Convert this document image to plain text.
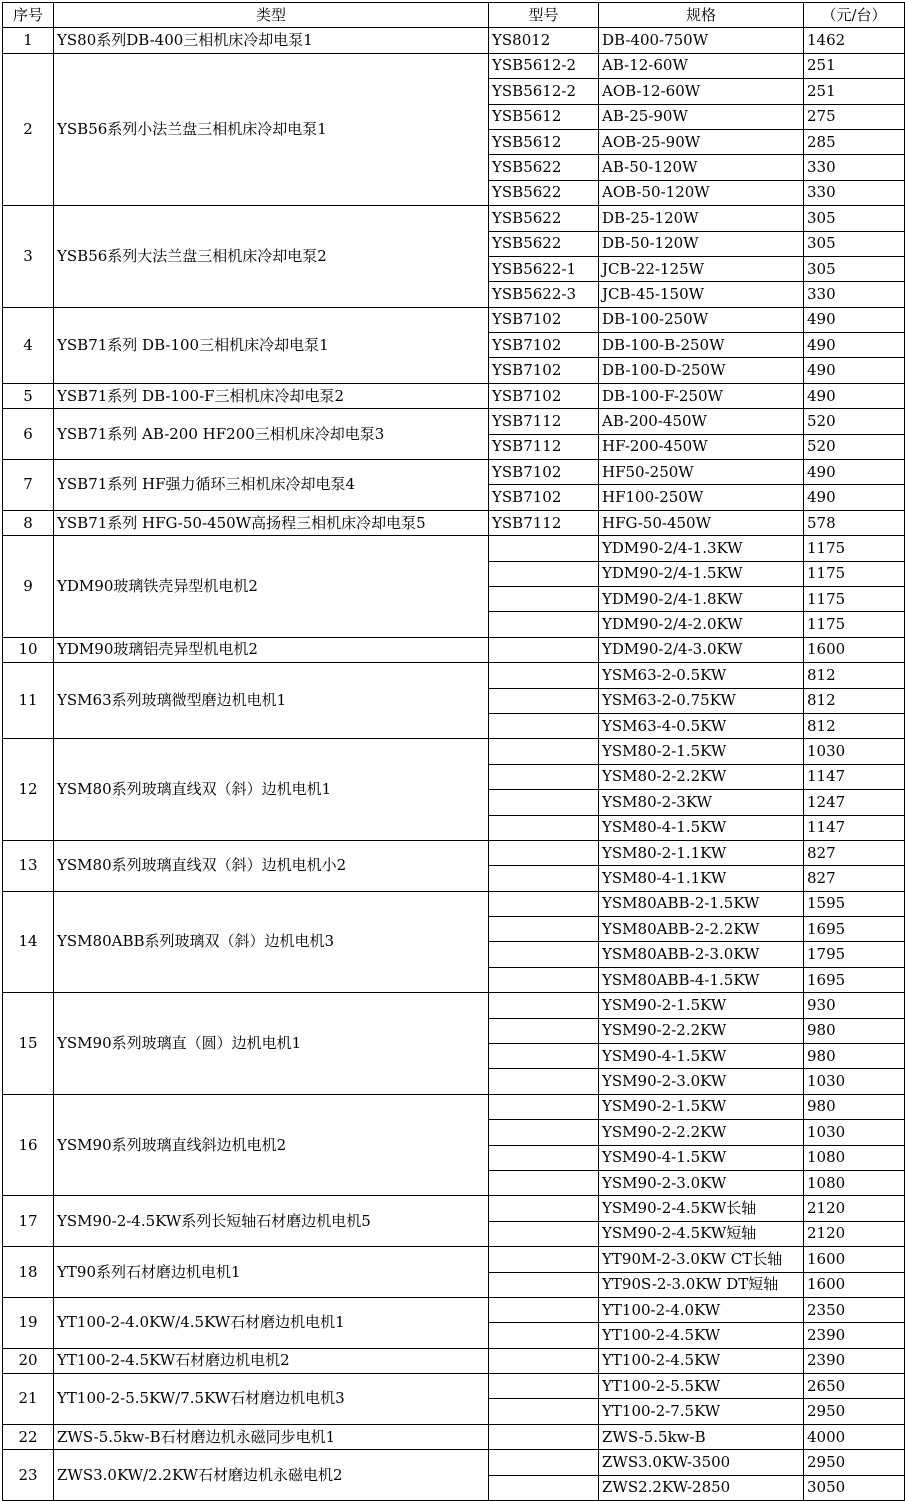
序号	类型	型号	规格	（元/台）
1	YS80系列DB-400三相机床冷却电泵1	YS8012	DB-400-750W	1462
2	YSB56系列小法兰盘三相机床冷却电泵1	YSB5612-2	AB-12-60W	251
		YSB5612-2	AOB-12-60W	251
		YSB5612	AB-25-90W	275
		YSB5612	AOB-25-90W	285
		YSB5622	AB-50-120W	330
		YSB5622	AOB-50-120W	330
3	YSB56系列大法兰盘三相机床冷却电泵2	YSB5622	DB-25-120W	305
		YSB5622	DB-50-120W	305
		YSB5622-1	JCB-22-125W	305
		YSB5622-3	JCB-45-150W	330
4	YSB71系列 DB-100三相机床冷却电泵1	YSB7102	DB-100-250W	490
		YSB7102	DB-100-B-250W	490
		YSB7102	DB-100-D-250W	490
5	YSB71系列 DB-100-F三相机床冷却电泵2	YSB7102	DB-100-F-250W	490
6	YSB71系列 AB-200 HF200三相机床冷却电泵3	YSB7112	AB-200-450W	520
		YSB7112	HF-200-450W	520
7	YSB71系列 HF强力循环三相机床冷却电泵4	YSB7102	HF50-250W	490
		YSB7102	HF100-250W	490
8	YSB71系列 HFG-50-450W高扬程三相机床冷却电泵5	YSB7112	HFG-50-450W	578
9	YDM90玻璃铁壳异型机电机2		YDM90-2/4-1.3KW	1175
			YDM90-2/4-1.5KW	1175
			YDM90-2/4-1.8KW	1175
			YDM90-2/4-2.0KW	1175
10	YDM90玻璃铝壳异型机电机2		YDM90-2/4-3.0KW	1600
11	YSM63系列玻璃微型磨边机电机1		YSM63-2-0.5KW	812
			YSM63-2-0.75KW	812
			YSM63-4-0.5KW	812
12	YSM80系列玻璃直线双（斜）边机电机1		YSM80-2-1.5KW	1030
			YSM80-2-2.2KW	1147
			YSM80-2-3KW	1247
			YSM80-4-1.5KW	1147
13	YSM80系列玻璃直线双（斜）边机电机小2		YSM80-2-1.1KW	827
			YSM80-4-1.1KW	827
14	YSM80ABB系列玻璃双（斜）边机电机3		YSM80ABB-2-1.5KW	1595
			YSM80ABB-2-2.2KW	1695
			YSM80ABB-2-3.0KW	1795
			YSM80ABB-4-1.5KW	1695
15	YSM90系列玻璃直（圆）边机电机1		YSM90-2-1.5KW	930
			YSM90-2-2.2KW	980
			YSM90-4-1.5KW	980
			YSM90-2-3.0KW	1030
16	YSM90系列玻璃直线斜边机电机2		YSM90-2-1.5KW	980
			YSM90-2-2.2KW	1030
			YSM90-4-1.5KW	1080
			YSM90-2-3.0KW	1080
17	YSM90-2-4.5KW系列长短轴石材磨边机电机5		YSM90-2-4.5KW长轴	2120
			YSM90-2-4.5KW短轴	2120
18	YT90系列石材磨边机电机1		YT90M-2-3.0KW CT长轴	1600
			YT90S-2-3.0KW DT短轴	1600
19	YT100-2-4.0KW/4.5KW石材磨边机电机1		YT100-2-4.0KW	2350
			YT100-2-4.5KW	2390
20	YT100-2-4.5KW石材磨边机电机2		YT100-2-4.5KW	2390
21	YT100-2-5.5KW/7.5KW石材磨边机电机3		YT100-2-5.5KW	2650
			YT100-2-7.5KW	2950
22	ZWS-5.5kw-B石材磨边机永磁同步电机1		ZWS-5.5kw-B	4000
23	ZWS3.0KW/2.2KW石材磨边机永磁电机2		ZWS3.0KW-3500	2950
			ZWS2.2KW-2850	3050
